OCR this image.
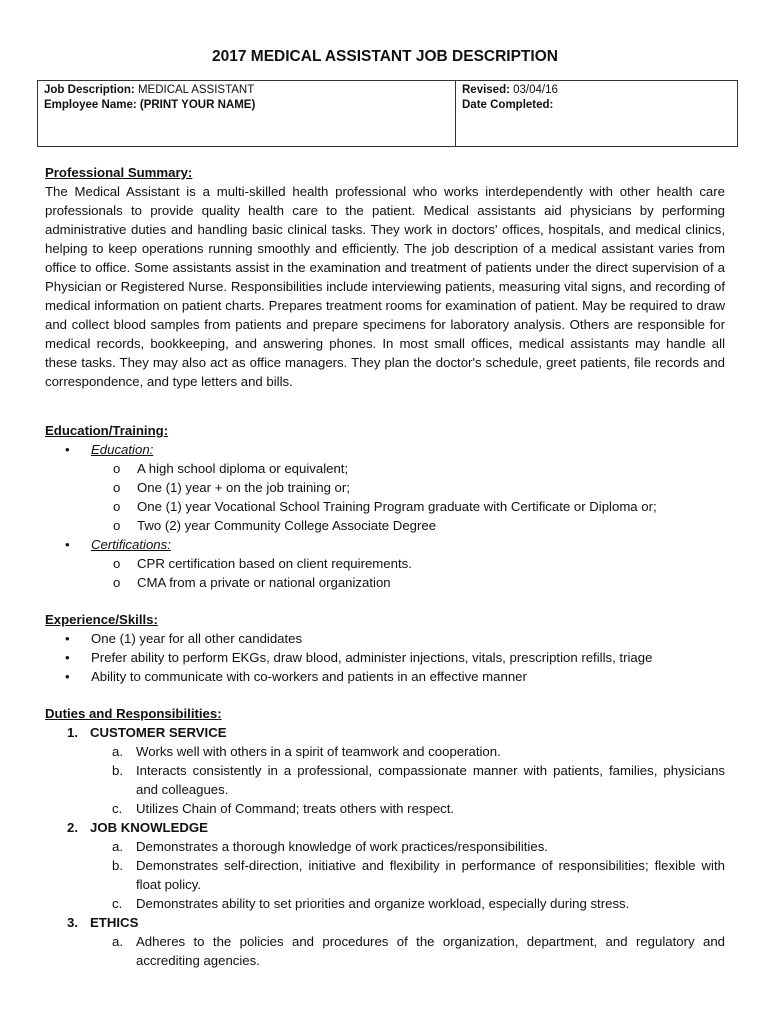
2017 MEDICAL ASSISTANT JOB DESCRIPTION
Job Description: MEDICAL ASSISTANT
Employee Name: (PRINT YOUR NAME)

Revised: 03/04/16
Date Completed:
Professional Summary:

The Medical Assistant is a multi-skilled health professional who works interdependently with other health care professionals to provide quality health care to the patient. Medical assistants aid physicians by performing administrative duties and handling basic clinical tasks. They work in doctors' offices, hospitals, and medical clinics, helping to keep operations running smoothly and efficiently. The job description of a medical assistant varies from office to office. Some assistants assist in the examination and treatment of patients under the direct supervision of a Physician or Registered Nurse. Responsibilities include interviewing patients, measuring vital signs, and recording of medical information on patient charts. Prepares treatment rooms for examination of patient. May be required to draw and collect blood samples from patients and prepare specimens for laboratory analysis. Others are responsible for medical records, bookkeeping, and answering phones. In most small offices, medical assistants may handle all these tasks. They may also act as office managers. They plan the doctor's schedule, greet patients, file records and correspondence, and type letters and bills.

Education/Training:
• Education:
o A high school diploma or equivalent;
o One (1) year + on the job training or;
o One (1) year Vocational School Training Program graduate with Certificate or Diploma or;
o Two (2) year Community College Associate Degree
• Certifications:
o CPR certification based on client requirements.
o CMA from a private or national organization
Experience/Skills:
• One (1) year for all other candidates
• Prefer ability to perform EKGs, draw blood, administer injections, vitals, prescription refills, triage
• Ability to communicate with co-workers and patients in an effective manner
Duties and Responsibilities:
1. CUSTOMER SERVICE
a. Works well with others in a spirit of teamwork and cooperation.
b. Interacts consistently in a professional, compassionate manner with patients, families, physicians and colleagues.
c. Utilizes Chain of Command; treats others with respect.
2. JOB KNOWLEDGE
a. Demonstrates a thorough knowledge of work practices/responsibilities.
b. Demonstrates self-direction, initiative and flexibility in performance of responsibilities; flexible with float policy.
c. Demonstrates ability to set priorities and organize workload, especially during stress.
3. ETHICS
a. Adheres to the policies and procedures of the organization, department, and regulatory and accrediting agencies.
